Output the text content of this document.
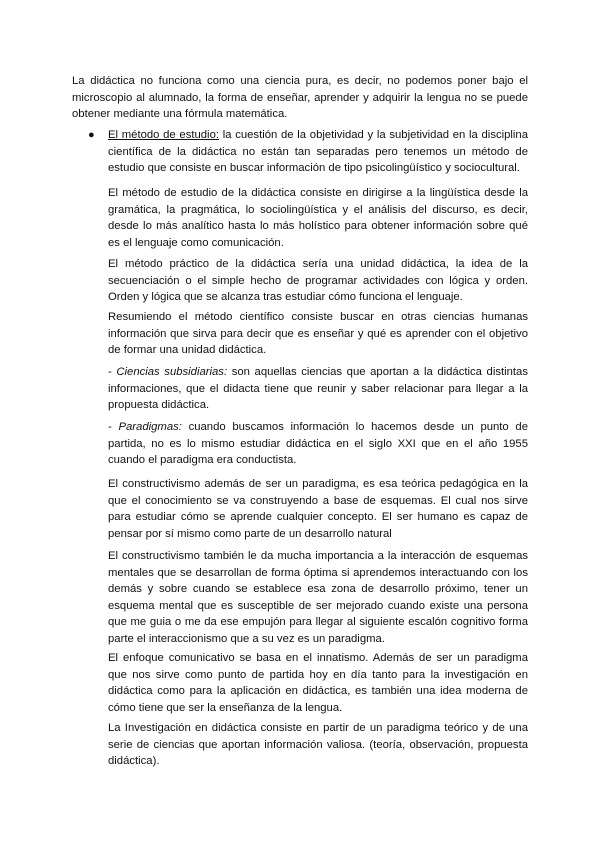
La didáctica no funciona como una ciencia pura, es decir, no podemos poner bajo el microscopio al alumnado, la forma de enseñar, aprender y adquirir la lengua no se puede obtener mediante una fórmula matemática.

● El método de estudio: la cuestión de la objetividad y la subjetividad en la disciplina científica de la didáctica no están tan separadas pero tenemos un método de estudio que consiste en buscar información de tipo psicolingüístico y sociocultural.

El método de estudio de la didáctica consiste en dirigirse a la lingüística desde la gramática, la pragmática, lo sociolingüística y el análisis del discurso, es decir, desde lo más analítico hasta lo más holístico para obtener información sobre qué es el lenguaje como comunicación.

El método práctico de la didáctica sería una unidad didáctica, la idea de la secuenciación o el simple hecho de programar actividades con lógica y orden. Orden y lógica que se alcanza tras estudiar cómo funciona el lenguaje.

Resumiendo el método científico consiste buscar en otras ciencias humanas información que sirva para decir que es enseñar y qué es aprender con el objetivo de formar una unidad didáctica.

- Ciencias subsidiarias: son aquellas ciencias que aportan a la didáctica distintas informaciones, que el didacta tiene que reunir y saber relacionar para llegar a la propuesta didáctica.

- Paradigmas: cuando buscamos información lo hacemos desde un punto de partida, no es lo mismo estudiar didáctica en el siglo XXI que en el año 1955 cuando el paradigma era conductista.

El constructivismo además de ser un paradigma, es esa teórica pedagógica en la que el conocimiento se va construyendo a base de esquemas. El cual nos sirve para estudiar cómo se aprende cualquier concepto. El ser humano es capaz de pensar por sí mismo como parte de un desarrollo natural

El constructivismo también le da mucha importancia a la interacción de esquemas mentales que se desarrollan de forma óptima si aprendemos interactuando con los demás y sobre cuando se establece esa zona de desarrollo próximo, tener un esquema mental que es susceptible de ser mejorado cuando existe una persona que me guia o me da ese empujón para llegar al siguiente escalón cognitivo forma parte el interaccionismo que a su vez es un paradigma.

El enfoque comunicativo se basa en el innatismo. Además de ser un paradigma que nos sirve como punto de partida hoy en día tanto para la investigación en didáctica como para la aplicación en didáctica, es también una idea moderna de cómo tiene que ser la enseñanza de la lengua.

La Investigación en didáctica consiste en partir de un paradigma teórico y de una serie de ciencias que aportan información valiosa. (teoría, observación, propuesta didáctica).
